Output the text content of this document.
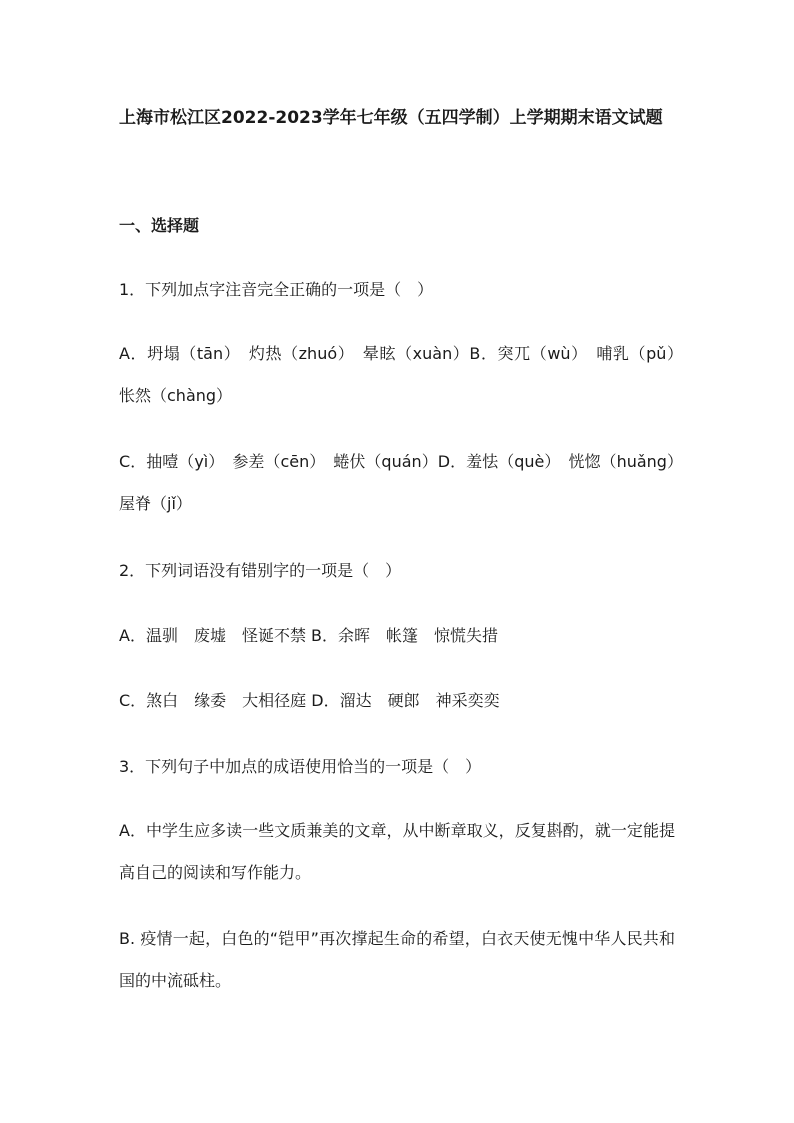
上海市松江区2022-2023学年七年级（五四学制）上学期期末语文试题
一、选择题
1．下列加点字注音完全正确的一项是（　）
A．坍塌（tān）　灼热（zhuó）　晕眩（xuàn）B．突兀（wù）　哺乳（pǔ）　怅然（chàng）
C．抽噎（yì）　参差（cēn）　蜷伏（quán）D．羞怯（què）　恍惚（huǎng）　屋脊（jǐ）
2．下列词语没有错别字的一项是（　）
A．温驯　废墟　怪诞不禁 B．余晖　帐篷　惊慌失措
C．煞白　缘委　大相径庭 D．溜达　硬郎　神采奕奕
3．下列句子中加点的成语使用恰当的一项是（　）
A．中学生应多读一些文质兼美的文章，从中断章取义，反复斟酌，就一定能提高自己的阅读和写作能力。
B. 疫情一起，白色的“铠甲”再次撑起生命的希望，白衣天使无愧中华人民共和国的中流砥柱。
